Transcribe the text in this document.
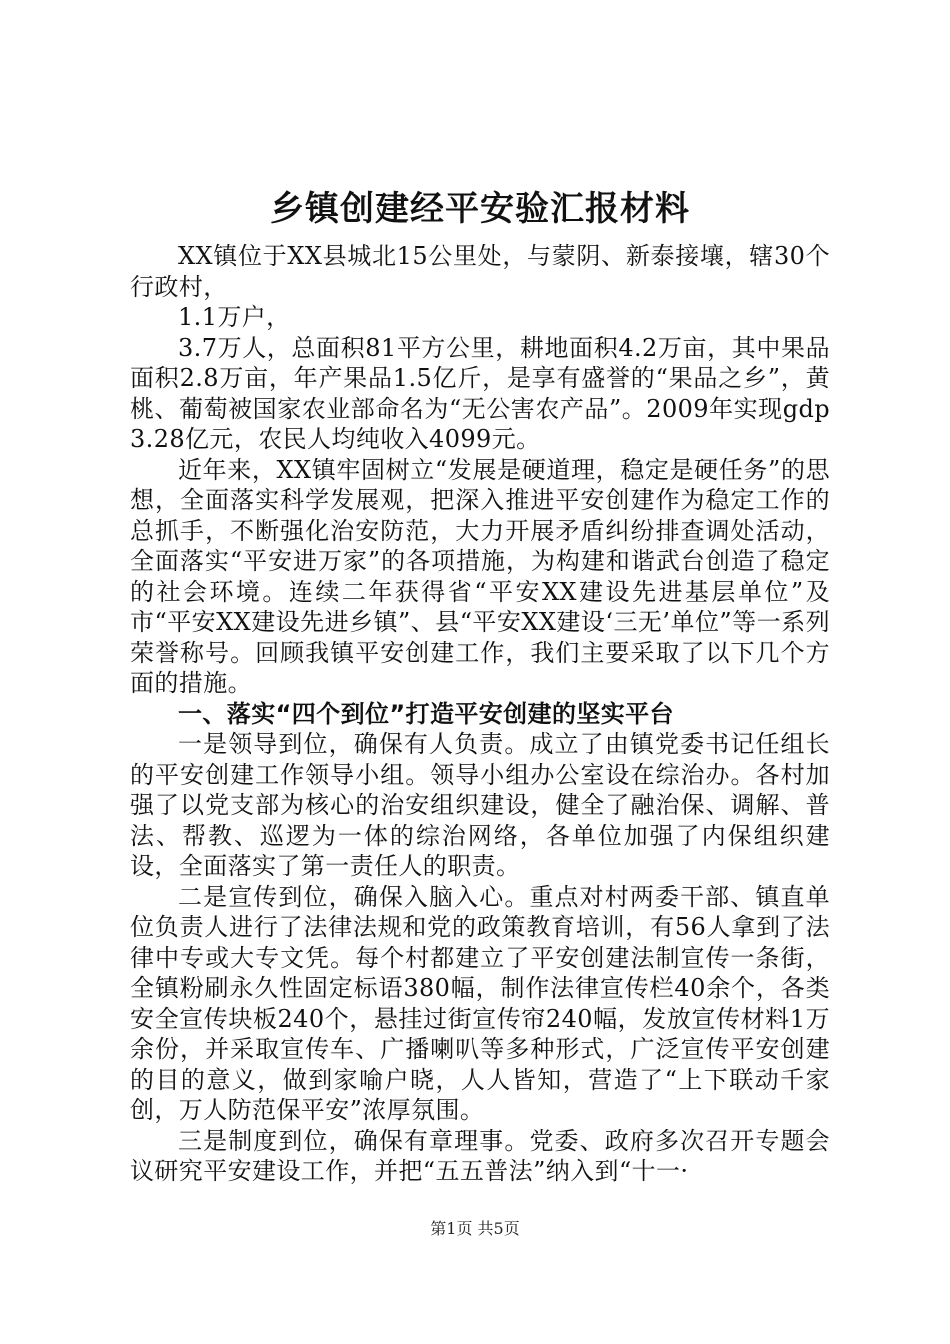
乡镇创建经平安验汇报材料

XX镇位于XX县城北15公里处，与蒙阴、新泰接壤，辖30个行政村，

1.1万户，

3.7万人，总面积81平方公里，耕地面积4.2万亩，其中果品面积2.8万亩，年产果品1.5亿斤，是享有盛誉的“果品之乡”，黄桃、葡萄被国家农业部命名为“无公害农产品”。2009年实现gdp3.28亿元，农民人均纯收入4099元。

近年来，XX镇牢固树立“发展是硬道理，稳定是硬任务”的思想，全面落实科学发展观，把深入推进平安创建作为稳定工作的总抓手，不断强化治安防范，大力开展矛盾纠纷排查调处活动，全面落实“平安进万家”的各项措施，为构建和谐武台创造了稳定的社会环境。连续二年获得省“平安XX建设先进基层单位”及市“平安XX建设先进乡镇”、县“平安XX建设‘三无’单位”等一系列荣誉称号。回顾我镇平安创建工作，我们主要采取了以下几个方面的措施。

一、落实“四个到位”打造平安创建的坚实平台

一是领导到位，确保有人负责。成立了由镇党委书记任组长的平安创建工作领导小组。领导小组办公室设在综治办。各村加强了以党支部为核心的治安组织建设，健全了融治保、调解、普法、帮教、巡逻为一体的综治网络，各单位加强了内保组织建设，全面落实了第一责任人的职责。

二是宣传到位，确保入脑入心。重点对村两委干部、镇直单位负责人进行了法律法规和党的政策教育培训，有56人拿到了法律中专或大专文凭。每个村都建立了平安创建法制宣传一条街，全镇粉刷永久性固定标语380幅，制作法律宣传栏40余个，各类安全宣传块板240个，悬挂过街宣传帘240幅，发放宣传材料1万余份，并采取宣传车、广播喇叭等多种形式，广泛宣传平安创建的目的意义，做到家喻户晓，人人皆知，营造了“上下联动千家创，万人防范保平安”浓厚氛围。

三是制度到位，确保有章理事。党委、政府多次召开专题会议研究平安建设工作，并把“五五普法”纳入到“十一·

第1页 共5页
